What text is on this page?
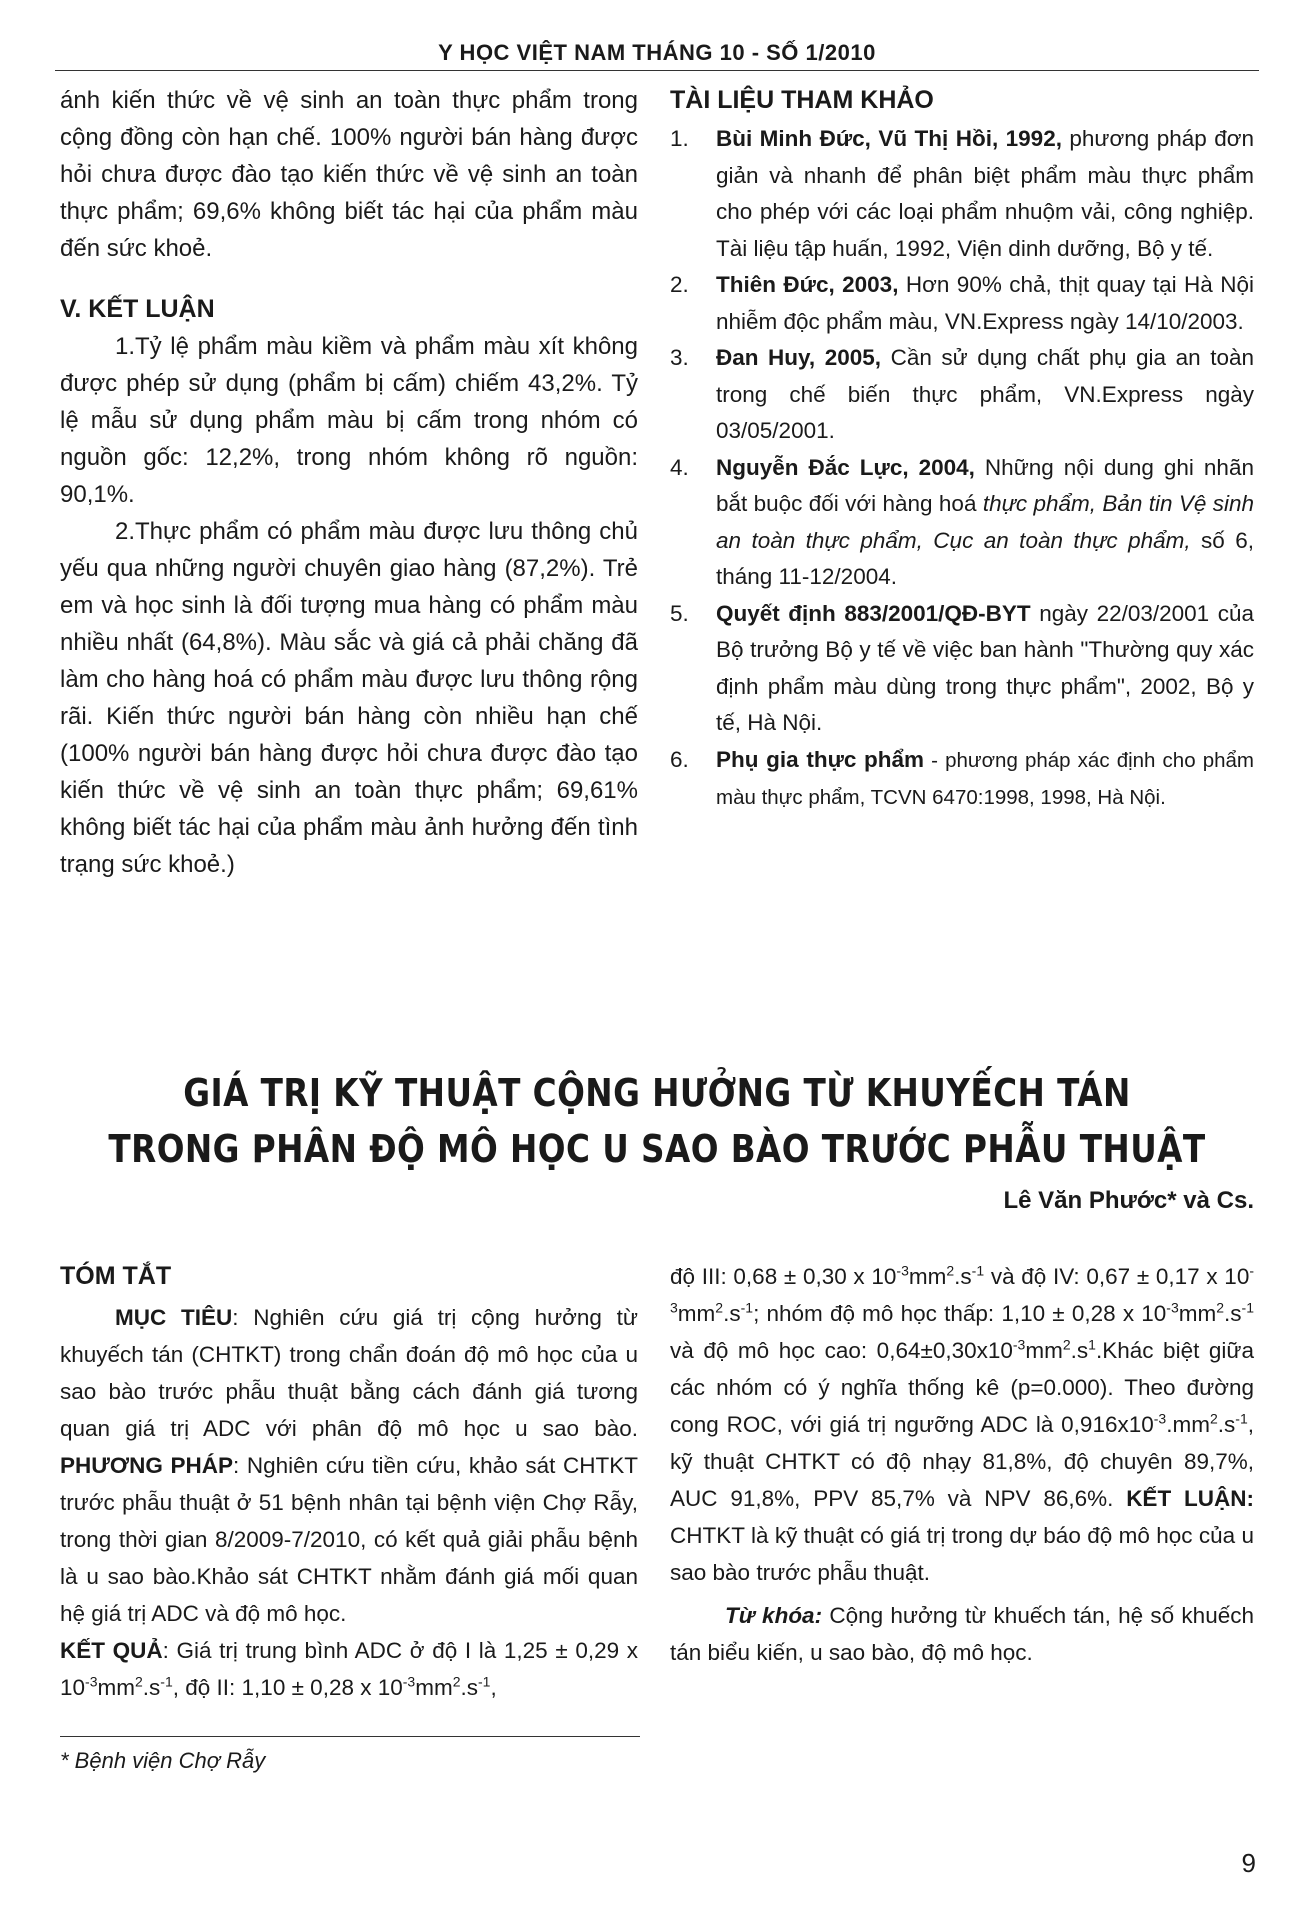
Y HỌC VIỆT NAM THÁNG 10 - SỐ 1/2010

ánh kiến thức về vệ sinh an toàn thực phẩm trong cộng đồng còn hạn chế. 100% người bán hàng được hỏi chưa được đào tạo kiến thức về vệ sinh an toàn thực phẩm; 69,6% không biết tác hại của phẩm màu đến sức khoẻ.

V. KẾT LUẬN

1.Tỷ lệ phẩm màu kiềm và phẩm màu xít không được phép sử dụng (phẩm bị cấm) chiếm 43,2%. Tỷ lệ mẫu sử dụng phẩm màu bị cấm trong nhóm có nguồn gốc: 12,2%, trong nhóm không rõ nguồn: 90,1%.

2.Thực phẩm có phẩm màu được lưu thông chủ yếu qua những người chuyên giao hàng (87,2%). Trẻ em và học sinh là đối tượng mua hàng có phẩm màu nhiều nhất (64,8%). Màu sắc và giá cả phải chăng đã làm cho hàng hoá có phẩm màu được lưu thông rộng rãi. Kiến thức người bán hàng còn nhiều hạn chế (100% người bán hàng được hỏi chưa được đào tạo kiến thức về vệ sinh an toàn thực phẩm; 69,61% không biết tác hại của phẩm màu ảnh hưởng đến tình trạng sức khoẻ.)

TÀI LIỆU THAM KHẢO

1. Bùi Minh Đức, Vũ Thị Hồi, 1992, phương pháp đơn giản và nhanh để phân biệt phẩm màu thực phẩm cho phép với các loại phẩm nhuộm vải, công nghiệp. Tài liệu tập huấn, 1992, Viện dinh dưỡng, Bộ y tế.
2. Thiên Đức, 2003, Hơn 90% chả, thịt quay tại Hà Nội nhiễm độc phẩm màu, VN.Express ngày 14/10/2003.
3. Đan Huy, 2005, Cần sử dụng chất phụ gia an toàn trong chế biến thực phẩm, VN.Express ngày 03/05/2001.
4. Nguyễn Đắc Lực, 2004, Những nội dung ghi nhãn bắt buộc đối với hàng hoá thực phẩm, Bản tin Vệ sinh an toàn thực phẩm, Cục an toàn thực phẩm, số 6, tháng 11-12/2004.
5. Quyết định 883/2001/QĐ-BYT ngày 22/03/2001 của Bộ trưởng Bộ y tế về việc ban hành "Thường quy xác định phẩm màu dùng trong thực phẩm", 2002, Bộ y tế, Hà Nội.
6. Phụ gia thực phẩm - phương pháp xác định cho phẩm màu thực phẩm, TCVN 6470:1998, 1998, Hà Nội.
GIÁ TRỊ KỸ THUẬT CỘNG HƯỞNG TỪ KHUYẾCH TÁN
TRONG PHÂN ĐỘ MÔ HỌC U SAO BÀO TRƯỚC PHẪU THUẬT
Lê Văn Phước* và Cs.

TÓM TẮT

MỤC TIÊU: Nghiên cứu giá trị cộng hưởng từ khuyếch tán (CHTKT) trong chẩn đoán độ mô học của u sao bào trước phẫu thuật bằng cách đánh giá tương quan giá trị ADC với phân độ mô học u sao bào. PHƯƠNG PHÁP: Nghiên cứu tiền cứu, khảo sát CHTKT trước phẫu thuật ở 51 bệnh nhân tại bệnh viện Chợ Rẫy, trong thời gian 8/2009-7/2010, có kết quả giải phẫu bệnh là u sao bào.Khảo sát CHTKT nhằm đánh giá mối quan hệ giá trị ADC và độ mô học.

KẾT QUẢ: Giá trị trung bình ADC ở độ I là 1,25 ± 0,29 x $10^{-3}mm^2.s^{-1}$, độ II: 1,10 ± 0,28 x $10^{-3}mm^2.s^{-1}$,

độ III: 0,68 ± 0,30 x $10^{-3}mm^2.s^{-1}$ và độ IV: 0,67 ± 0,17 x $10^{-3}mm^2.s^{-1}$; nhóm độ mô học thấp: 1,10 ± 0,28 x $10^{-3}mm^2.s^{-1}$ và độ mô học cao: $0,64\pm 0,30x10^{-3}mm^2.s^1.Khác$ biệt giữa các nhóm có ý nghĩa thống kê (p=0.000). Theo đường cong ROC, với giá trị ngưỡng ADC là $0,916x10^{-3}.mm^2.s^{-1}$, kỹ thuật CHTKT có độ nhạy 81,8%, độ chuyên 89,7%, AUC 91,8%, PPV 85,7% và NPV 86,6%. KẾT LUẬN: CHTKT là kỹ thuật có giá trị trong dự báo độ mô học của u sao bào trước phẫu thuật.

Từ khóa: Cộng hưởng từ khuếch tán, hệ số khuếch tán biểu kiến, u sao bào, độ mô học.

* Bệnh viện Chợ Rẫy
9
